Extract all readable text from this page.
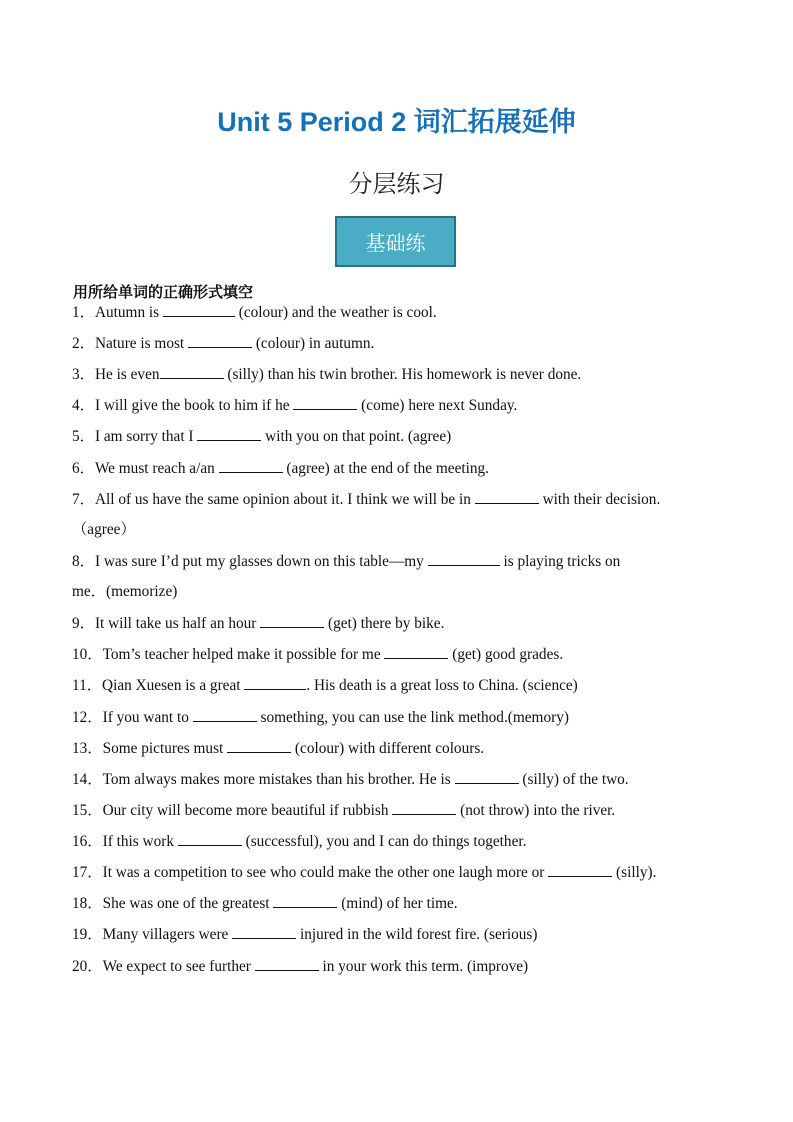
Unit 5 Period 2 词汇拓展延伸
分层练习
基础练
用所给单词的正确形式填空
1．Autumn is	(colour) and the weather is cool.
2．Nature is most	(colour) in autumn.
3．He is even	(silly) than his twin brother. His homework is never done.
4．I will give the book to him if he	(come) here next Sunday.
5．I am sorry that I	with you on that point. (agree)
6．We must reach a/an	(agree) at the end of the meeting.
7．All of us have the same opinion about it. I think we will be in	with their decision.
（agree）
8．I was sure I’d put my glasses down on this table—my	is playing tricks on
me．(memorize)
9．It will take us half an hour	(get) there by bike.
10．Tom’s teacher helped make it possible for me	(get) good grades.
11．Qian Xuesen is a great	. His death is a great loss to China. (science)
12．If you want to	something, you can use the link method.(memory)
13．Some pictures must	(colour) with different colours.
14．Tom always makes more mistakes than his brother. He is	(silly) of the two.
15．Our city will become more beautiful if rubbish	(not throw) into the river.
16．If this work	(successful), you and I can do things together.
17．It was a competition to see who could make the other one laugh more or	(silly).
18．She was one of the greatest	(mind) of her time.
19．Many villagers were	injured in the wild forest fire. (serious)
20．We expect to see further	in your work this term. (improve)
